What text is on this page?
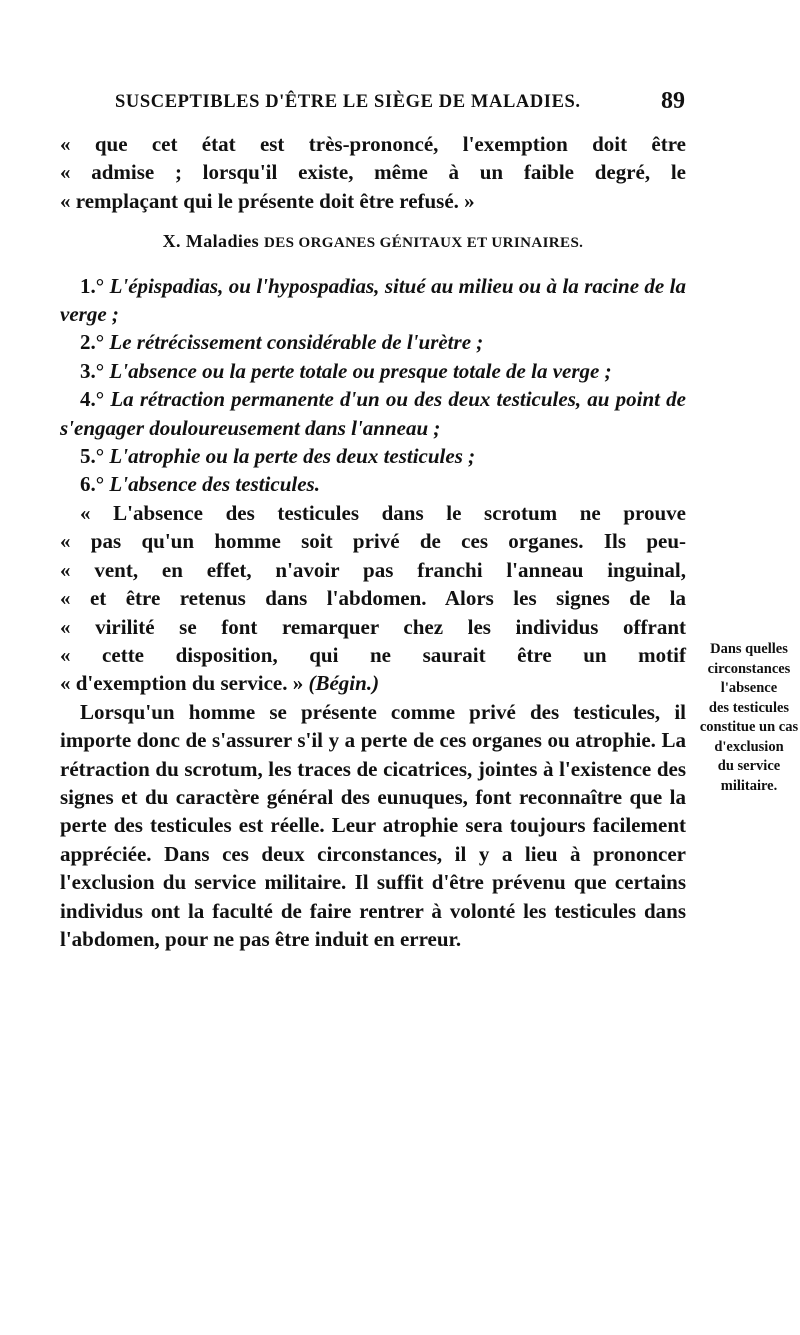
SUSCEPTIBLES D'ÊTRE LE SIÈGE DE MALADIES.	89

« que cet état est très-prononcé, l'exemption doit être

« admise ; lorsqu'il existe, même à un faible degré, le

« remplaçant qui le présente doit être refusé. »

X. Maladies DES ORGANES GÉNITAUX ET URINAIRES.

1.° L'épispadias, ou l'hypospadias, situé au milieu ou à la racine de la verge ;

2.° Le rétrécissement considérable de l'urètre ;

3.° L'absence ou la perte totale ou presque totale de la verge ;

4.° La rétraction permanente d'un ou des deux testicules, au point de s'engager douloureusement dans l'anneau ;

5.° L'atrophie ou la perte des deux testicules ;

6.° L'absence des testicules.

« L'absence des testicules dans le scrotum ne prouve

« pas qu'un homme soit privé de ces organes. Ils peu-

« vent, en effet, n'avoir pas franchi l'anneau inguinal,

« et être retenus dans l'abdomen. Alors les signes de la

« virilité se font remarquer chez les individus offrant

« cette disposition, qui ne saurait être un motif

« d'exemption du service. » (Bégin.)

Lorsqu'un homme se présente comme privé des testicules, il importe donc de s'assurer s'il y a perte de ces organes ou atrophie. La rétraction du scrotum, les traces de cicatrices, jointes à l'existence des signes et du caractère général des eunuques, font reconnaître que la perte des testicules est réelle. Leur atrophie sera toujours facilement appréciée. Dans ces deux circonstances, il y a lieu à prononcer l'exclusion du service militaire. Il suffit d'être prévenu que certains individus ont la faculté de faire rentrer à volonté les testicules dans l'abdomen, pour ne pas être induit en erreur.

Dans quelles
circonstances
l'absence
des testicules
constitue un cas
d'exclusion
du service
militaire.
